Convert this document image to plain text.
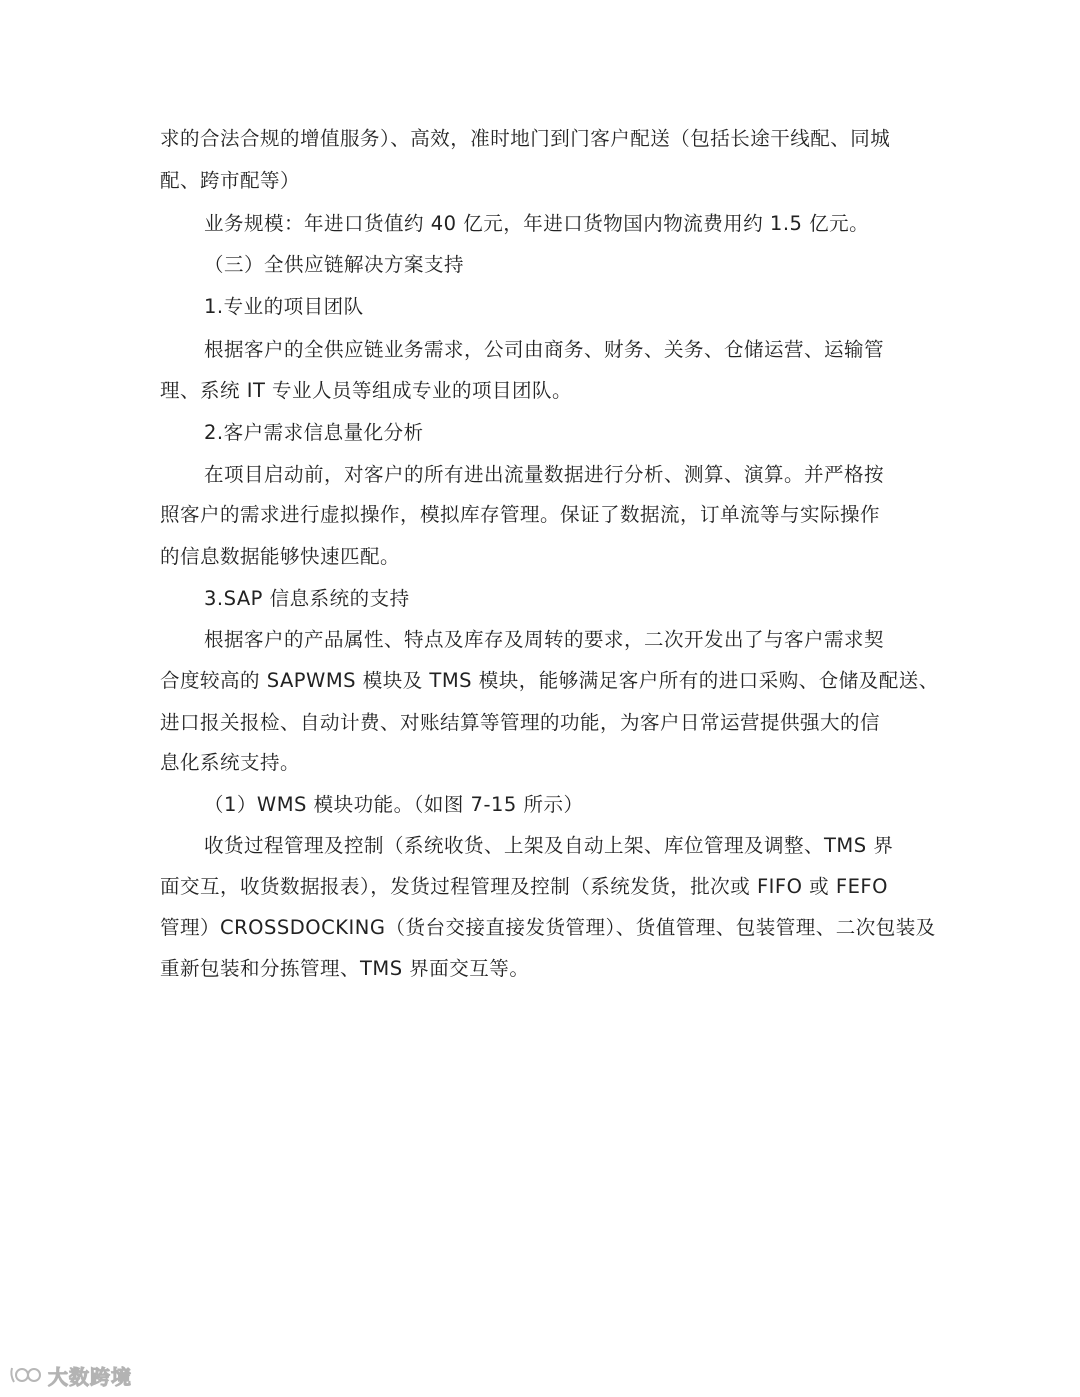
求的合法合规的增值服务）、高效，准时地门到门客户配送（包括长途干线配、同城
配、跨市配等）
业务规模：年进口货值约 40 亿元，年进口货物国内物流费用约 1.5 亿元。
（三）全供应链解决方案支持
1.专业的项目团队
根据客户的全供应链业务需求，公司由商务、财务、关务、仓储运营、运输管
理、系统 IT 专业人员等组成专业的项目团队。
2.客户需求信息量化分析
在项目启动前，对客户的所有进出流量数据进行分析、测算、演算。并严格按
照客户的需求进行虚拟操作，模拟库存管理。保证了数据流，订单流等与实际操作
的信息数据能够快速匹配。
3.SAP 信息系统的支持
根据客户的产品属性、特点及库存及周转的要求，二次开发出了与客户需求契
合度较高的 SAPWMS 模块及 TMS 模块，能够满足客户所有的进口采购、仓储及配送、
进口报关报检、自动计费、对账结算等管理的功能，为客户日常运营提供强大的信
息化系统支持。
（1）WMS 模块功能。（如图 7-15 所示）
收货过程管理及控制（系统收货、上架及自动上架、库位管理及调整、TMS 界
面交互，收货数据报表），发货过程管理及控制（系统发货，批次或 FIFO 或 FEFO
管理）CROSSDOCKING（货台交接直接发货管理）、货值管理、包装管理、二次包装及
重新包装和分拣管理、TMS 界面交互等。
大数跨境
